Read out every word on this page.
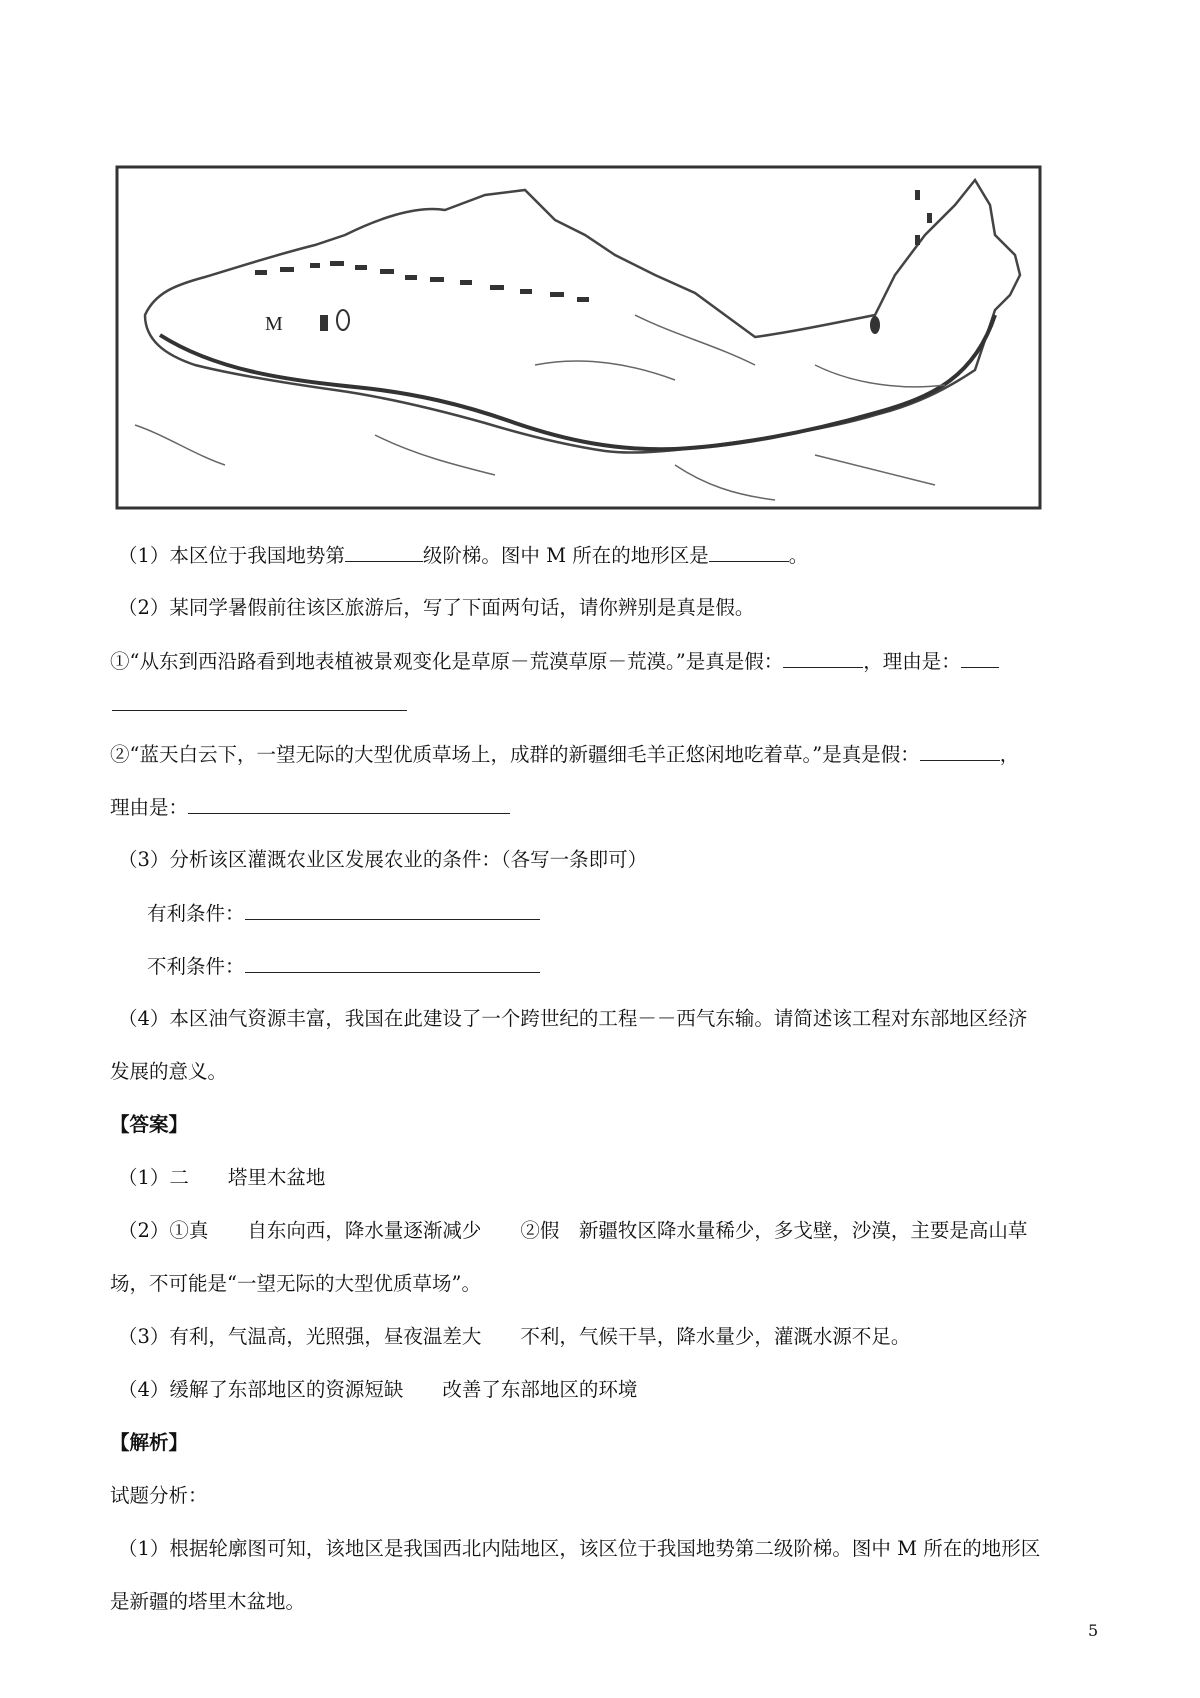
M
（1）本区位于我国地势第	级阶梯。图中 M 所在的地形区是	。
（2）某同学暑假前往该区旅游后，写了下面两句话，请你辨别是真是假。
①“从东到西沿路看到地表植被景观变化是草原－荒漠草原－荒漠。”是真是假：	，理由是：
②“蓝天白云下，一望无际的大型优质草场上，成群的新疆细毛羊正悠闲地吃着草。”是真是假：	，
理由是：
（3）分析该区灌溉农业区发展农业的条件：（各写一条即可）
有利条件：
不利条件：
（4）本区油气资源丰富，我国在此建设了一个跨世纪的工程－－西气东输。请简述该工程对东部地区经济
发展的意义。
【答案】
（1）二　　塔里木盆地
（2）①真　　自东向西，降水量逐渐减少　　②假　新疆牧区降水量稀少，多戈壁，沙漠，主要是高山草
场，不可能是“一望无际的大型优质草场”。
（3）有利，气温高，光照强，昼夜温差大　　不利，气候干旱，降水量少，灌溉水源不足。
（4）缓解了东部地区的资源短缺　　改善了东部地区的环境
【解析】
试题分析：
（1）根据轮廓图可知，该地区是我国西北内陆地区，该区位于我国地势第二级阶梯。图中 M 所在的地形区
是新疆的塔里木盆地。
5
